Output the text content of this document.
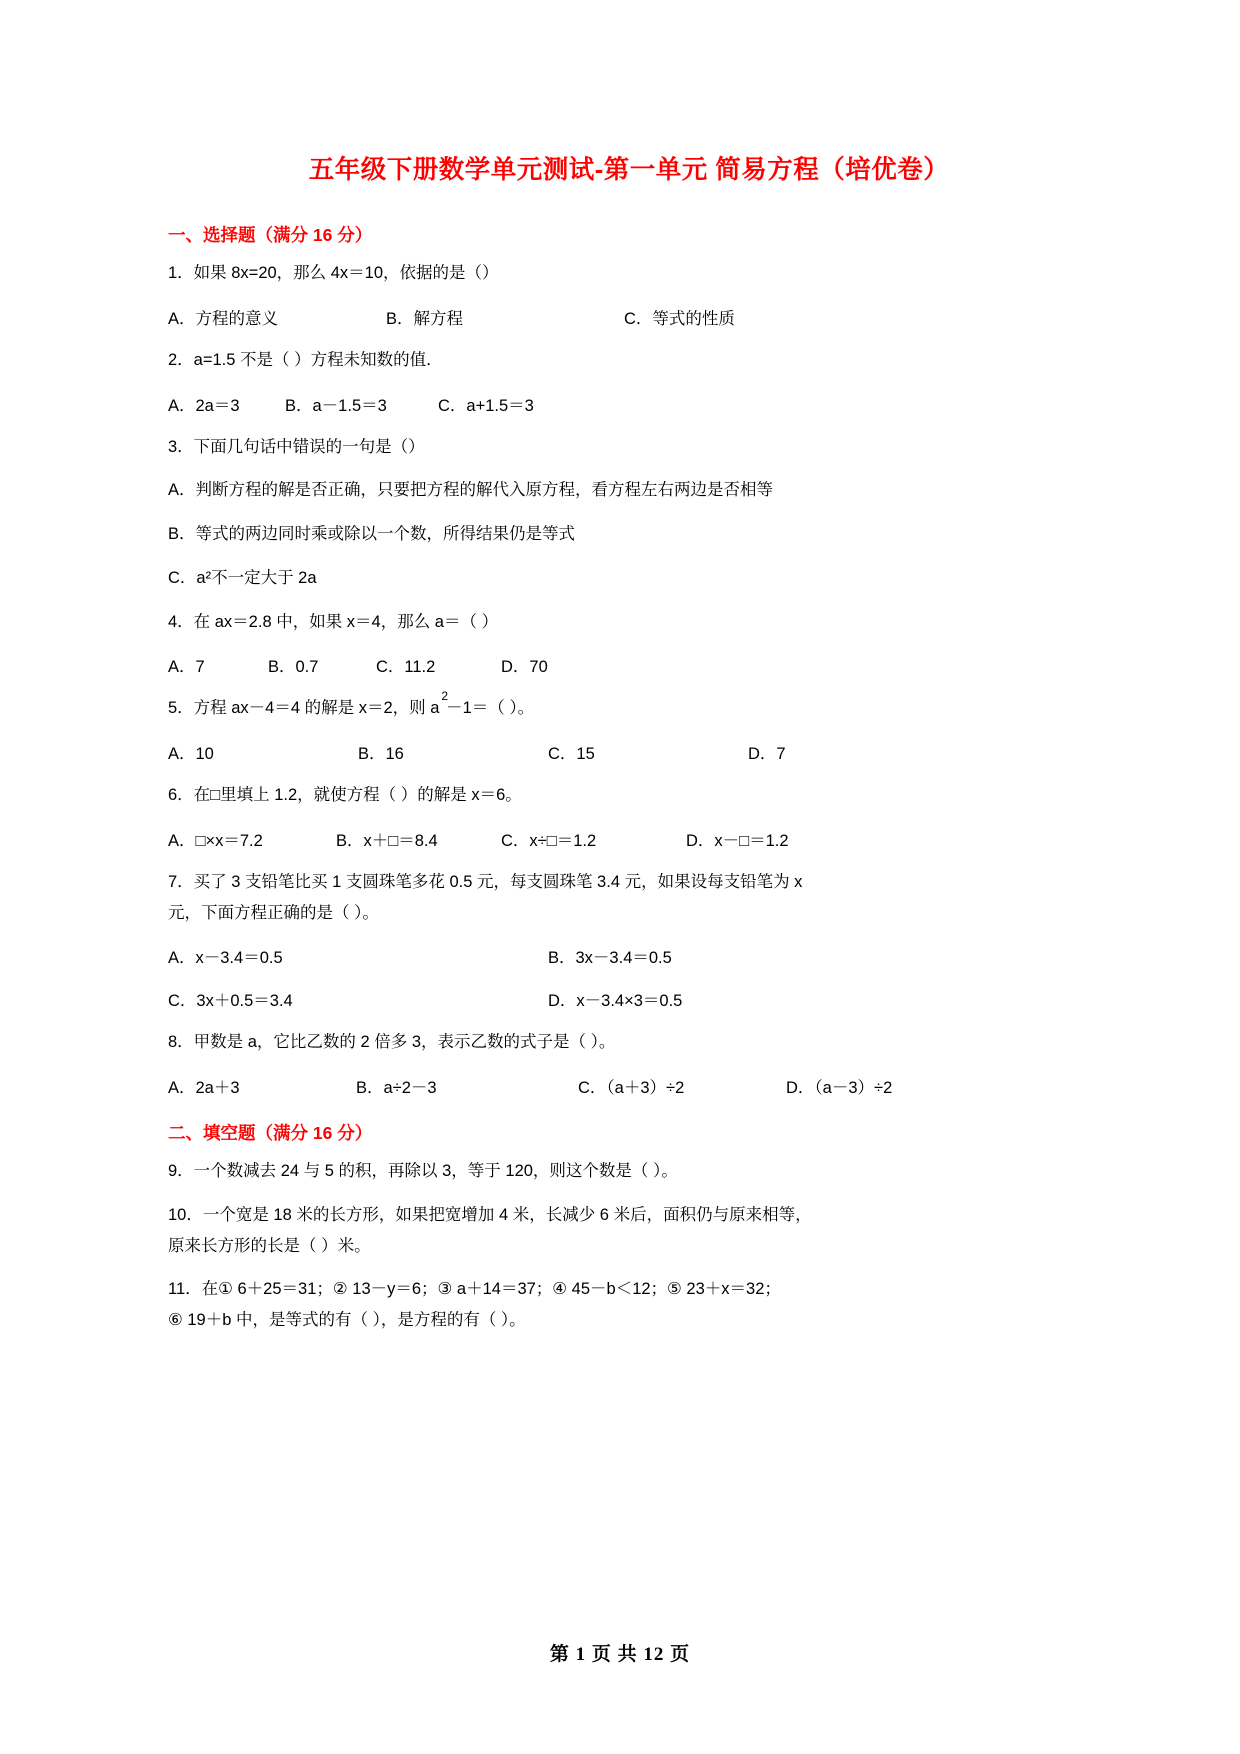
五年级下册数学单元测试-第一单元 简易方程（培优卷）
一、选择题（满分 16 分）
1．如果 8x=20，那么 4x＝10，依据的是（）
A．方程的意义	B．解方程	C．等式的性质
2．a=1.5 不是（ ）方程未知数的值．
A．2a＝3	B．a－1.5＝3	C．a+1.5＝3
3．下面几句话中错误的一句是（）
A．判断方程的解是否正确，只要把方程的解代入原方程，看方程左右两边是否相等
B．等式的两边同时乘或除以一个数，所得结果仍是等式
C．a²不一定大于 2a
4．在 ax＝2.8 中，如果 x＝4，那么 a＝（ ）
A．7	B．0.7	C．11.2	D．70
5．方程 ax－4＝4 的解是 x＝2，则 $a^2-1=$（ ）。
A．10	B．16	C．15	D．7
6．在□里填上 1.2，就使方程（ ）的解是 x＝6。
A．□×x＝7.2	B．x＋□＝8.4	C．x÷□＝1.2	D．x－□＝1.2
7．买了 3 支铅笔比买 1 支圆珠笔多花 0.5 元，每支圆珠笔 3.4 元，如果设每支铅笔为 x
元，下面方程正确的是（ ）。
A．x－3.4＝0.5	B．3x－3.4＝0.5
C．3x＋0.5＝3.4	D．x－3.4×3＝0.5
8．甲数是 a，它比乙数的 2 倍多 3，表示乙数的式子是（ ）。
A．2a＋3	B．a÷2－3	C．（a＋3）÷2	D．（a－3）÷2
二、填空题（满分 16 分）
9．一个数减去 24 与 5 的积，再除以 3，等于 120，则这个数是（ ）。
10．一个宽是 18 米的长方形，如果把宽增加 4 米，长减少 6 米后，面积仍与原来相等，
原来长方形的长是（ ）米。
11．在① 6＋25＝31；② 13－y＝6；③ a＋14＝37；④ 45－b＜12；⑤ 23＋x＝32；
⑥ 19＋b 中，是等式的有（ ），是方程的有（ ）。
第 1 页 共 12 页
